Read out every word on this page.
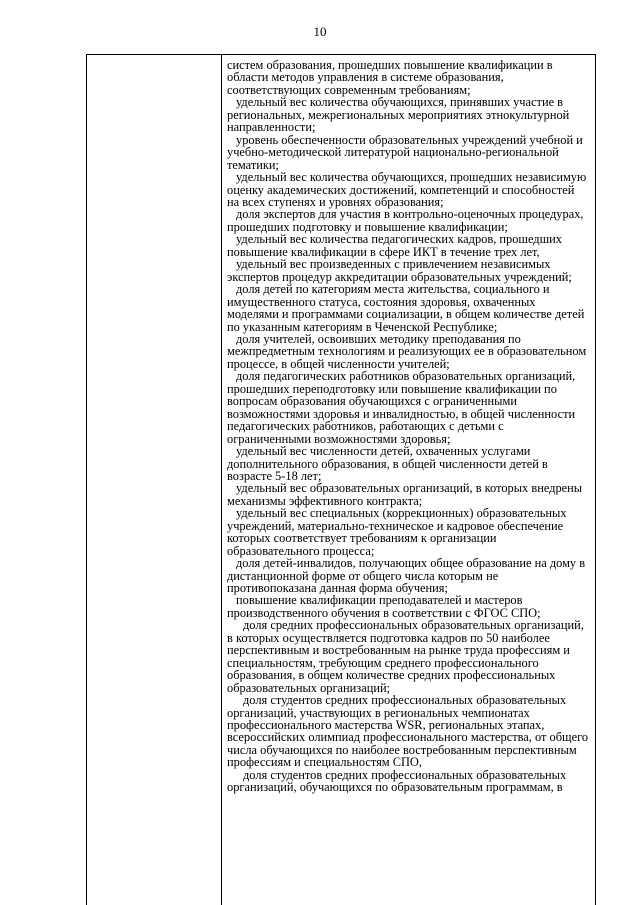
10

систем образования, прошедших повышение квалификации в области методов управления в системе образования, соответствующих современным требованиям;

удельный вес количества обучающихся, принявших участие в региональных, межрегиональных мероприятиях этнокультурной направленности;

уровень обеспеченности образовательных учреждений учебной и учебно-методической литературой национально-региональной тематики;

удельный вес количества обучающихся, прошедших независимую оценку академических достижений, компетенций и способностей на всех ступенях и уровнях образования;

доля экспертов для участия в контрольно-оценочных процедурах, прошедших подготовку и повышение квалификации;

удельный вес количества педагогических кадров, прошедших повышение квалификации в сфере ИКТ в течение трех лет,

удельный вес произведенных с привлечением независимых экспертов процедур аккредитации образовательных учреждений;

доля детей по категориям места жительства, социального и имущественного статуса, состояния здоровья, охваченных моделями и программами социализации, в общем количестве детей по указанным категориям в Чеченской Республике;

доля учителей, освоивших методику преподавания по межпредметным технологиям и реализующих ее в образовательном процессе, в общей численности учителей;

доля педагогических работников образовательных организаций, прошедших переподготовку или повышение квалификации по вопросам образования обучающихся с ограниченными возможностями здоровья и инвалидностью, в общей численности педагогических работников, работающих с детьми с ограниченными возможностями здоровья;

удельный вес численности детей, охваченных услугами дополнительного образования, в общей численности детей в возрасте 5-18 лет;

удельный вес образовательных организаций, в которых внедрены механизмы эффективного контракта;

удельный вес специальных (коррекционных) образовательных учреждений, материально-техническое и кадровое обеспечение которых соответствует требованиям к организации образовательного процесса;

доля детей-инвалидов, получающих общее образование на дому в дистанционной форме от общего числа которым не противопоказана данная форма обучения;

повышение квалификации преподавателей и мастеров производственного обучения в соответствии с ФГОС СПО;

доля средних профессиональных образовательных организаций, в которых осуществляется подготовка кадров по 50 наиболее перспективным и востребованным на рынке труда профессиям и специальностям, требующим среднего профессионального образования, в общем количестве средних профессиональных образовательных организаций;

доля студентов средних профессиональных образовательных организаций, участвующих в региональных чемпионатах профессионального мастерства WSR, региональных этапах, всероссийских олимпиад профессионального мастерства, от общего числа обучающихся по наиболее востребованным перспективным профессиям и специальностям СПО,

доля студентов средних профессиональных образовательных организаций, обучающихся по образовательным программам, в
